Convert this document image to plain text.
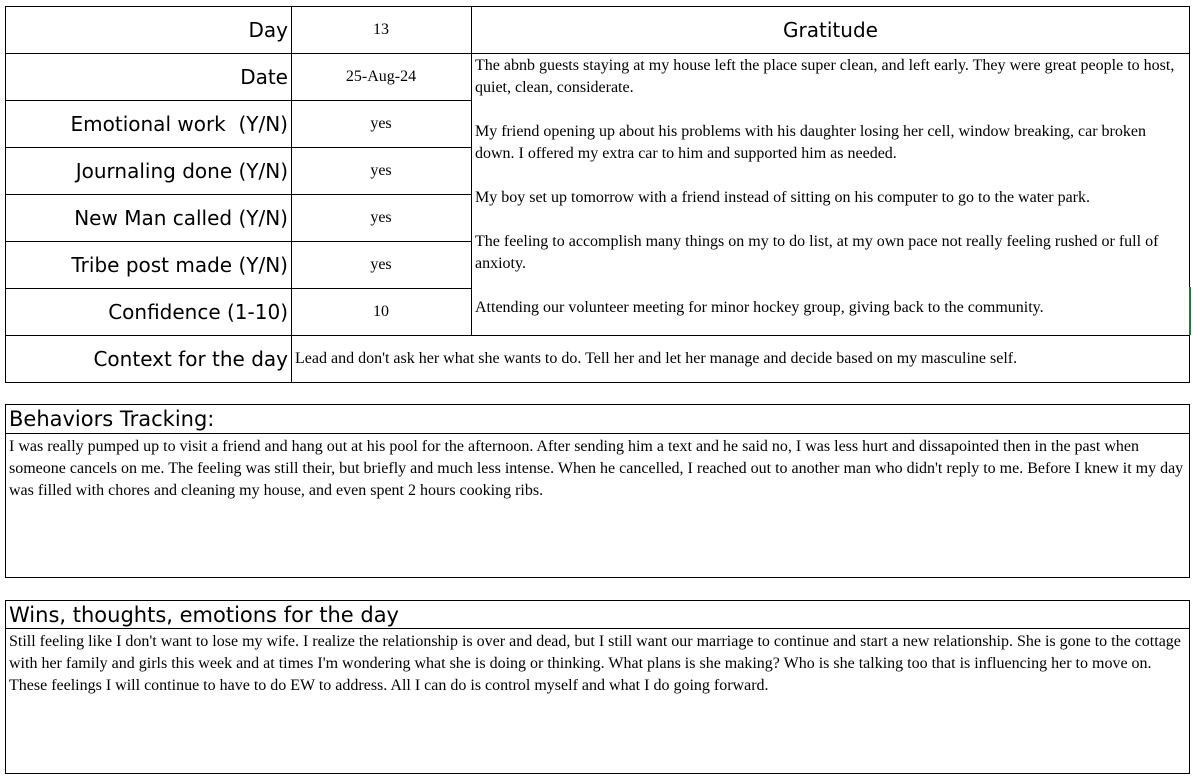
Day
Date
Emotional work  (Y/N)
Journaling done (Y/N)
New Man called (Y/N)
Tribe post made (Y/N)
Confidence (1-10)
13
25-Aug-24
yes
yes
yes
yes
10
Gratitude

The abnb guests staying at my house left the place super clean, and left early. They were great people to host, quiet, clean, considerate.

My friend opening up about his problems with his daughter losing her cell, window breaking, car broken down. I offered my extra car to him and supported him as needed.

My boy set up tomorrow with a friend instead of sitting on his computer to go to the water park.

The feeling to accomplish many things on my to do list, at my own pace not really feeling rushed or full of anxioty.

Attending our volunteer meeting for minor hockey group, giving back to the community.

Context for the day Lead and don't ask her what she wants to do. Tell her and let her manage and decide based on my masculine self.
Behaviors Tracking:
I was really pumped up to visit a friend and hang out at his pool for the afternoon. After sending him a text and he said no, I was less hurt and dissapointed then in the past when someone cancels on me. The feeling was still their, but briefly and much less intense. When he cancelled, I reached out to another man who didn't reply to me. Before I knew it my day was filled with chores and cleaning my house, and even spent 2 hours cooking ribs.
Wins, thoughts, emotions for the day
Still feeling like I don't want to lose my wife. I realize the relationship is over and dead, but I still want our marriage to continue and start a new relationship. She is gone to the cottage with her family and girls this week and at times I'm wondering what she is doing or thinking. What plans is she making? Who is she talking too that is influencing her to move on. These feelings I will continue to have to do EW to address. All I can do is control myself and what I do going forward.
